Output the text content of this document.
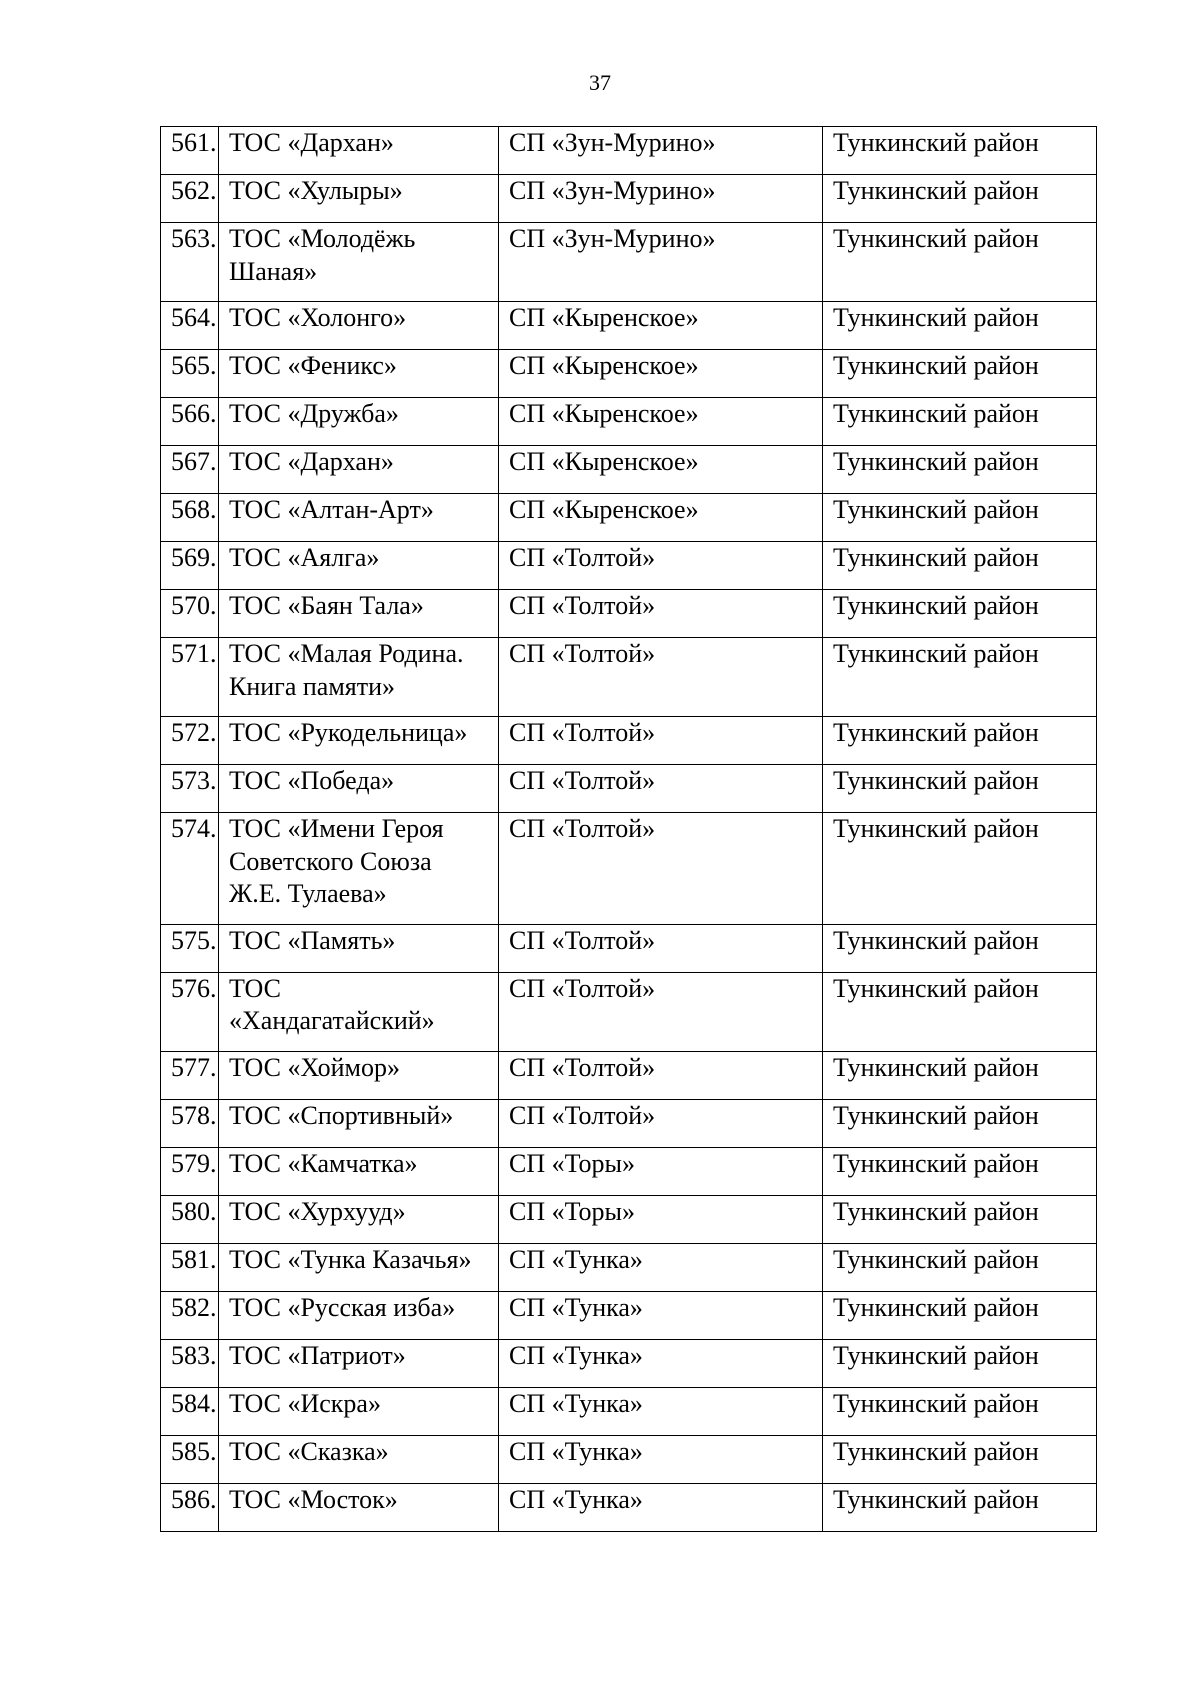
37
561.	ТОС «Дархан»	СП «Зун-Мурино»	Тункинский район
562.	ТОС «Хулыры»	СП «Зун-Мурино»	Тункинский район
563.	ТОС «Молодёжь Шаная»	СП «Зун-Мурино»	Тункинский район
564.	ТОС «Холонго»	СП «Кыренское»	Тункинский район
565.	ТОС «Феникс»	СП «Кыренское»	Тункинский район
566.	ТОС «Дружба»	СП «Кыренское»	Тункинский район
567.	ТОС «Дархан»	СП «Кыренское»	Тункинский район
568.	ТОС «Алтан-Арт»	СП «Кыренское»	Тункинский район
569.	ТОС «Аялга»	СП «Толтой»	Тункинский район
570.	ТОС «Баян Тала»	СП «Толтой»	Тункинский район
571.	ТОС «Малая Родина. Книга памяти»	СП «Толтой»	Тункинский район
572.	ТОС «Рукодельница»	СП «Толтой»	Тункинский район
573.	ТОС «Победа»	СП «Толтой»	Тункинский район
574.	ТОС «Имени Героя Советского Союза Ж.Е. Тулаева»	СП «Толтой»	Тункинский район
575.	ТОС «Память»	СП «Толтой»	Тункинский район
576.	ТОС «Хандагатайский»	СП «Толтой»	Тункинский район
577.	ТОС «Хоймор»	СП «Толтой»	Тункинский район
578.	ТОС «Спортивный»	СП «Толтой»	Тункинский район
579.	ТОС «Камчатка»	СП «Торы»	Тункинский район
580.	ТОС «Хурхууд»	СП «Торы»	Тункинский район
581.	ТОС «Тунка Казачья»	СП «Тунка»	Тункинский район
582.	ТОС «Русская изба»	СП «Тунка»	Тункинский район
583.	ТОС «Патриот»	СП «Тунка»	Тункинский район
584.	ТОС «Искра»	СП «Тунка»	Тункинский район
585.	ТОС «Сказка»	СП «Тунка»	Тункинский район
586.	ТОС «Мосток»	СП «Тунка»	Тункинский район
